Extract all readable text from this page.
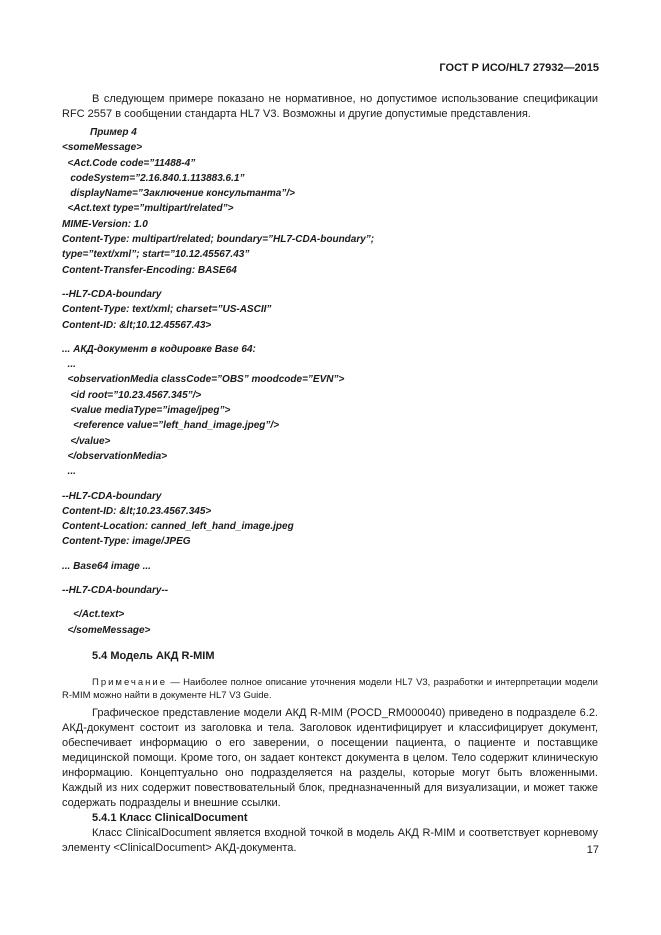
ГОСТ Р ИСО/HL7 27932—2015
В следующем примере показано не нормативное, но допустимое использование спецификации RFC 2557 в сообщении стандарта HL7 V3. Возможны и другие допустимые представления.
Пример 4
<someMessage>
<Act.Code code=”11488-4”
codeSystem=”2.16.840.1.113883.6.1”
displayName=”Заключение консультанта”/>
<Act.text type=”multipart/related”>
MIME-Version: 1.0
Content-Type: multipart/related; boundary=”HL7-CDA-boundary”;
type=”text/xml”; start=”10.12.45567.43”
Content-Transfer-Encoding: BASE64
--HL7-CDA-boundary
Content-Type: text/xml; charset=”US-ASCII”
Content-ID: &lt;10.12.45567.43>
... АКД-документ в кодировке Base 64:
...
<observationMedia classCode=”OBS” moodcode=”EVN”>
<id root=”10.23.4567.345”/>
<value mediaType=”image/jpeg”>
<reference value=”left_hand_image.jpeg”/>
</value>
</observationMedia>
...
--HL7-CDA-boundary
Content-ID: &lt;10.23.4567.345>
Content-Location: canned_left_hand_image.jpeg
Content-Type: image/JPEG
... Base64 image ...
--HL7-CDA-boundary--
</Act.text>
</someMessage>
5.4 Модель АКД R-MIM
Примечание — Наиболее полное описание уточнения модели HL7 V3, разработки и интерпретации модели R-MIM можно найти в документе HL7 V3 Guide.

Графическое представление модели АКД R-MIM (POCD_RM000040) приведено в подразделе 6.2. АКД-документ состоит из заголовка и тела. Заголовок идентифицирует и классифицирует документ, обеспечивает информацию о его заверении, о посещении пациента, о пациенте и поставщике медицинской помощи. Кроме того, он задает контекст документа в целом. Тело содержит клиническую информацию. Концептуально оно подразделяется на разделы, которые могут быть вложенными. Каждый из них содержит повествовательный блок, предназначенный для визуализации, и может также содержать подразделы и внешние ссылки.

5.4.1 Класс ClinicalDocument

Класс ClinicalDocument является входной точкой в модель АКД R-MIM и соответствует корневому элементу <ClinicalDocument> АКД-документа.	17
